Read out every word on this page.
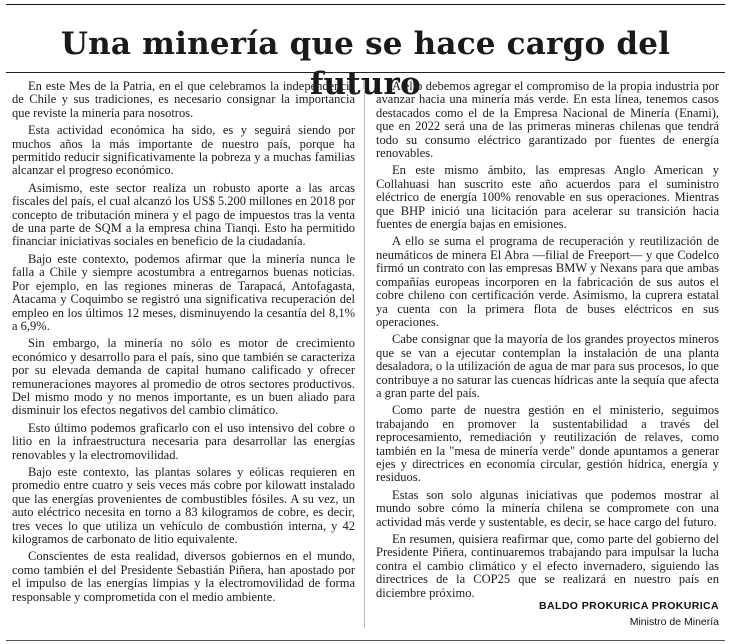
Una minería que se hace cargo del futuro

En este Mes de la Patria, en el que celebramos la independencia de Chile y sus tradiciones, es necesario consignar la importancia que reviste la minería para nosotros.

Esta actividad económica ha sido, es y seguirá siendo por muchos años la más importante de nuestro país, porque ha permitido reducir significativamente la pobreza y a muchas familias alcanzar el progreso económico.

Asimismo, este sector realiza un robusto aporte a las arcas fiscales del país, el cual alcanzó los US$ 5.200 millones en 2018 por concepto de tributación minera y el pago de impuestos tras la venta de una parte de SQM a la empresa china Tianqi. Esto ha permitido financiar iniciativas sociales en beneficio de la ciudadanía.

Bajo este contexto, podemos afirmar que la minería nunca le falla a Chile y siempre acostumbra a entregarnos buenas noticias. Por ejemplo, en las regiones mineras de Tarapacá, Antofagasta, Atacama y Coquimbo se registró una significativa recuperación del empleo en los últimos 12 meses, disminuyendo la cesantía del 8,1% a 6,9%.

Sin embargo, la minería no sólo es motor de crecimiento económico y desarrollo para el país, sino que también se caracteriza por su elevada demanda de capital humano calificado y ofrecer remuneraciones mayores al promedio de otros sectores productivos. Del mismo modo y no menos importante, es un buen aliado para disminuir los efectos negativos del cambio climático.

Esto último podemos graficarlo con el uso intensivo del cobre o litio en la infraestructura necesaria para desarrollar las energías renovables y la electromovilidad.

Bajo este contexto, las plantas solares y eólicas requieren en promedio entre cuatro y seis veces más cobre por kilowatt instalado que las energías provenientes de combustibles fósiles. A su vez, un auto eléctrico necesita en torno a 83 kilogramos de cobre, es decir, tres veces lo que utiliza un vehículo de combustión interna, y 42 kilogramos de carbonato de litio equivalente.

Conscientes de esta realidad, diversos gobiernos en el mundo, como también el del Presidente Sebastián Piñera, han apostado por el impulso de las energías limpias y la electromovilidad de forma responsable y comprometida con el medio ambiente.

A ello debemos agregar el compromiso de la propia industria por avanzar hacia una minería más verde. En esta línea, tenemos casos destacados como el de la Empresa Nacional de Minería (Enami), que en 2022 será una de las primeras mineras chilenas que tendrá todo su consumo eléctrico garantizado por fuentes de energía renovables.

En este mismo ámbito, las empresas Anglo American y Collahuasi han suscrito este año acuerdos para el suministro eléctrico de energía 100% renovable en sus operaciones. Mientras que BHP inició una licitación para acelerar su transición hacia fuentes de energía bajas en emisiones.

A ello se suma el programa de recuperación y reutilización de neumáticos de minera El Abra —filial de Freeport— y que Codelco firmó un contrato con las empresas BMW y Nexans para que ambas compañías europeas incorporen en la fabricación de sus autos el cobre chileno con certificación verde. Asimismo, la cuprera estatal ya cuenta con la primera flota de buses eléctricos en sus operaciones.

Cabe consignar que la mayoría de los grandes proyectos mineros que se van a ejecutar contemplan la instalación de una planta desaladora, o la utilización de agua de mar para sus procesos, lo que contribuye a no saturar las cuencas hídricas ante la sequía que afecta a gran parte del país.

Como parte de nuestra gestión en el ministerio, seguimos trabajando en promover la sustentabilidad a través del reprocesamiento, remediación y reutilización de relaves, como también en la "mesa de minería verde" donde apuntamos a generar ejes y directrices en economía circular, gestión hídrica, energía y residuos.

Estas son solo algunas iniciativas que podemos mostrar al mundo sobre cómo la minería chilena se compromete con una actividad más verde y sustentable, es decir, se hace cargo del futuro.

En resumen, quisiera reafirmar que, como parte del gobierno del Presidente Piñera, continuaremos trabajando para impulsar la lucha contra el cambio climático y el efecto invernadero, siguiendo las directrices de la COP25 que se realizará en nuestro país en diciembre próximo.

BALDO PROKURICA PROKURICA
Ministro de Minería
